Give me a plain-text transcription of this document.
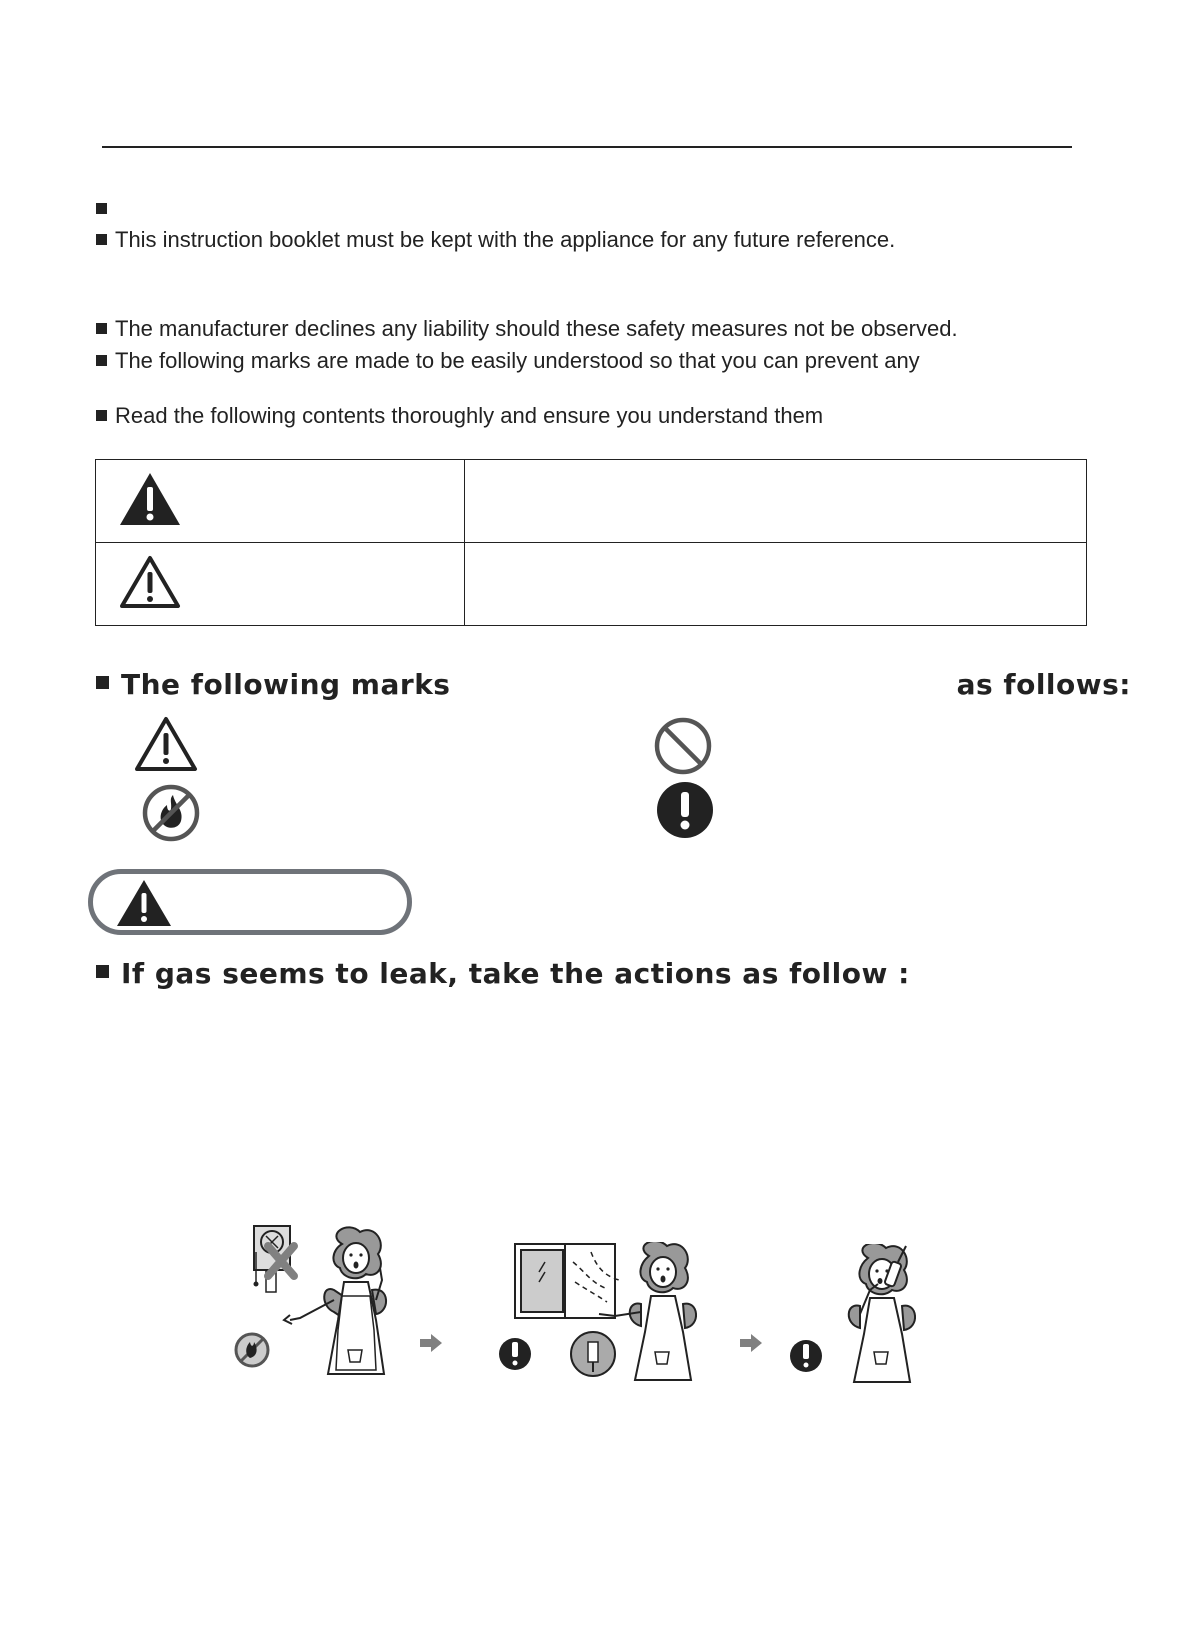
This instruction booklet must be kept with the appliance for any future reference.
The manufacturer declines any liability should these safety measures not be observed.
The following marks are made to be easily understood so that you can prevent any
Read the following contents thoroughly and ensure you understand them

The following marks	as follows:
If gas seems to leak, take the actions as follow :
